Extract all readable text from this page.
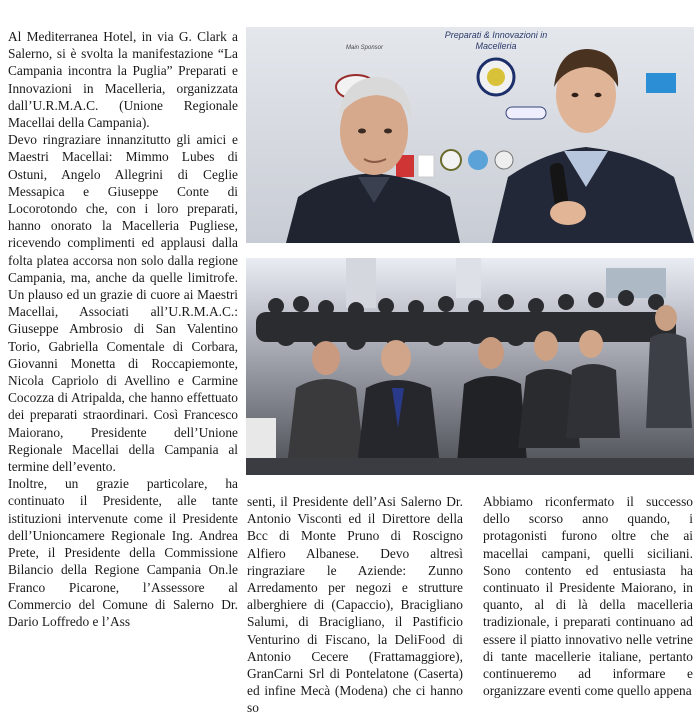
Al Mediterranea Hotel, in via G. Clark a Salerno, si è svolta la manifestazione “La Campania incontra la Puglia” Preparati e Innovazioni in Macelleria, organizzata dall’U.R.M.A.C. (Unione Regionale Macellai della Campania).

Devo ringraziare innanzitutto gli amici e Maestri Macellai: Mimmo Lubes di Ostuni, Angelo Allegrini di Ceglie Messapica e Giuseppe Conte di Locorotondo che, con i loro preparati, hanno onorato la Macelleria Pugliese, ricevendo complimenti ed applausi dalla folta platea accorsa non solo dalla regione Campania, ma, anche da quelle limitrofe. Un plauso ed un grazie di cuore ai Maestri Macellai, Associati all’U.R.M.A.C.: Giuseppe Ambrosio di San Valentino Torio, Gabriella Comentale di Corbara, Giovanni Monetta di Roccapiemonte, Nicola Capriolo di Avellino e Carmine Cocozza di Atripalda, che hanno effettuato dei preparati straordinari. Così Francesco Maiorano, Presidente dell’Unione Regionale Macellai della Campania al termine dell’evento.

Inoltre, un grazie particolare, ha continuato il Presidente, alle tante istituzioni intervenute come il Presidente dell’Unioncamere Regionale Ing. Andrea Prete, il Presidente della Commissione Bilancio della Regione Campania On.le Franco Picarone, l’Assessore al Commercio del Comune di Salerno Dr. Dario Loffredo e l’Ass

Preparati & Innovazioni in
Macelleria
Main Sponsor

senti, il Presidente dell’Asi Salerno Dr. Antonio Visconti ed il Direttore della Bcc di Monte Pruno di Roscigno Alfiero Albanese. Devo altresì ringraziare le Aziende: Zunno Arredamento per negozi e strutture alberghiere di (Capaccio), Bracigliano Salumi, di Bracigliano, il Pastificio Venturino di Fiscano, la DeliFood di Antonio Cecere (Frattamaggiore), GranCarni Srl di Pontelatone (Caserta) ed infine Mecà (Modena) che ci hanno so

Abbiamo riconfermato il successo dello scorso anno quando, i protagonisti furono oltre che ai macellai campani, quelli siciliani. Sono contento ed entusiasta ha continuato il Presidente Maiorano, in quanto, al di là della macelleria tradizionale, i preparati continuano ad essere il piatto innovativo nelle vetrine di tante macellerie italiane, pertanto continueremo ad informare e organizzare eventi come quello appena
